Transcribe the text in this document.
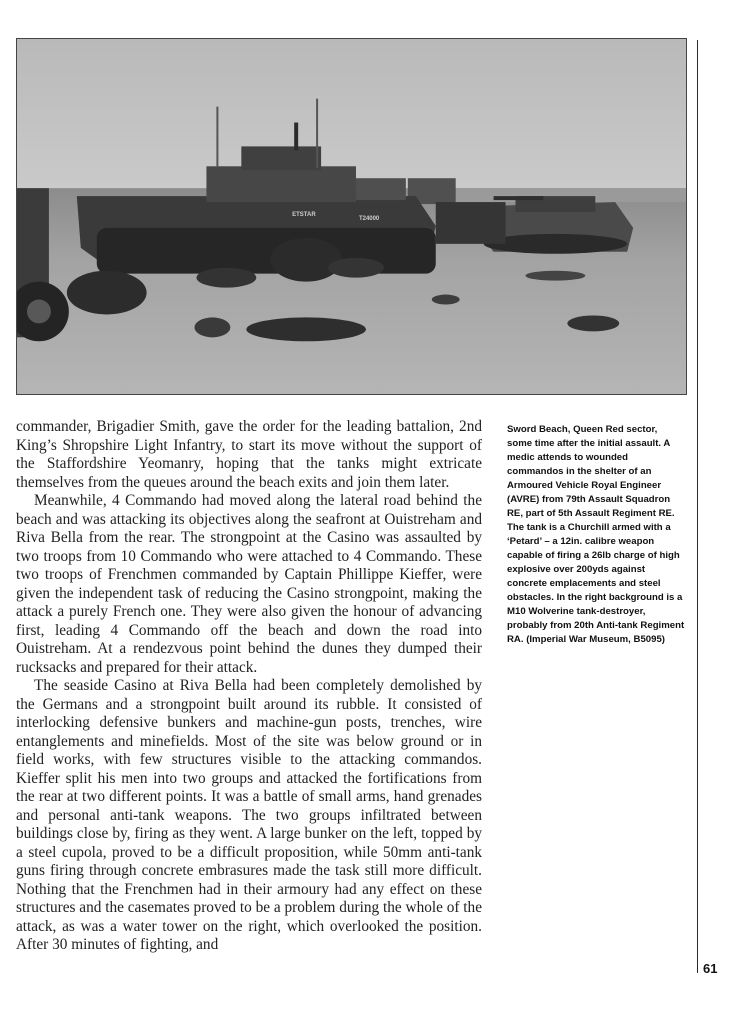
ETSTAR
T24000

commander, Brigadier Smith, gave the order for the leading battalion, 2nd King’s Shropshire Light Infantry, to start its move without the support of the Staffordshire Yeomanry, hoping that the tanks might extricate themselves from the queues around the beach exits and join them later.

Meanwhile, 4 Commando had moved along the lateral road behind the beach and was attacking its objectives along the seafront at Ouistreham and Riva Bella from the rear. The strongpoint at the Casino was assaulted by two troops from 10 Commando who were attached to 4 Commando. These two troops of Frenchmen commanded by Captain Phillippe Kieffer, were given the independent task of reducing the Casino strongpoint, making the attack a purely French one. They were also given the honour of advancing first, leading 4 Commando off the beach and down the road into Ouistreham. At a rendezvous point behind the dunes they dumped their rucksacks and prepared for their attack.

The seaside Casino at Riva Bella had been completely demolished by the Germans and a strongpoint built around its rubble. It consisted of interlocking defensive bunkers and machine-gun posts, trenches, wire entanglements and minefields. Most of the site was below ground or in field works, with few structures visible to the attacking commandos. Kieffer split his men into two groups and attacked the fortifications from the rear at two different points. It was a battle of small arms, hand grenades and personal anti-tank weapons. The two groups infiltrated between buildings close by, firing as they went. A large bunker on the left, topped by a steel cupola, proved to be a difficult proposition, while 50mm anti-tank guns firing through concrete embrasures made the task still more difficult. Nothing that the Frenchmen had in their armoury had any effect on these structures and the casemates proved to be a problem during the whole of the attack, as was a water tower on the right, which overlooked the position. After 30 minutes of fighting, and

Sword Beach, Queen Red sector, some time after the initial assault. A medic attends to wounded commandos in the shelter of an Armoured Vehicle Royal Engineer (AVRE) from 79th Assault Squadron RE, part of 5th Assault Regiment RE. The tank is a Churchill armed with a ‘Petard’ – a 12in. calibre weapon capable of firing a 26lb charge of high explosive over 200yds against concrete emplacements and steel obstacles. In the right background is a M10 Wolverine tank-destroyer, probably from 20th Anti-tank Regiment RA. (Imperial War Museum, B5095)
61
